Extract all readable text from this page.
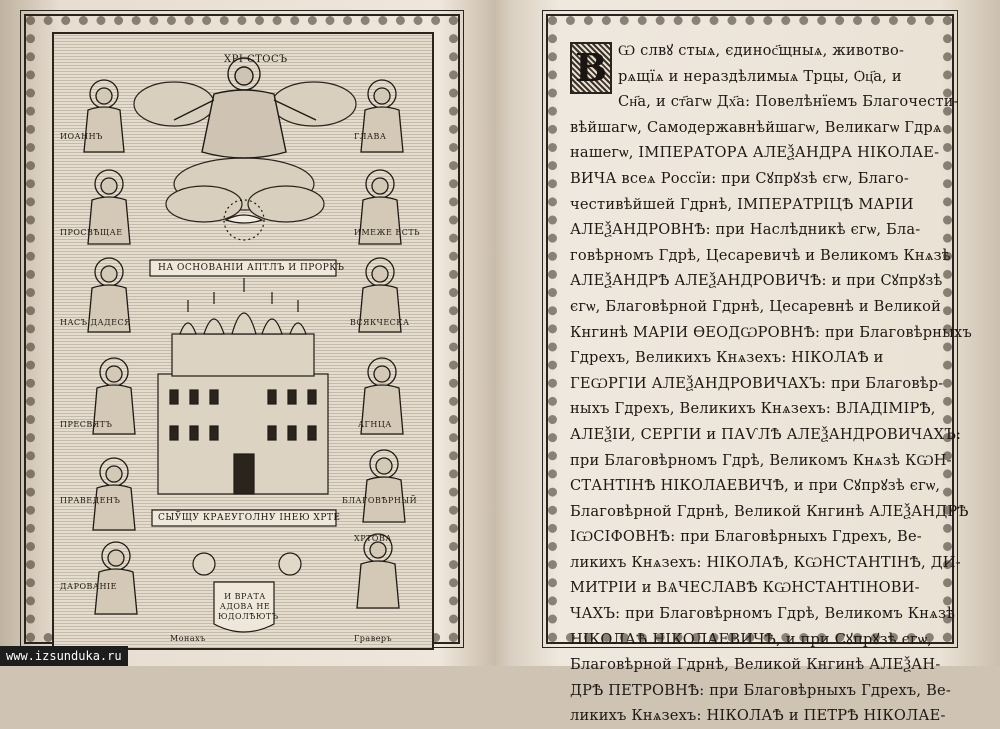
ХРІ СТОСЪ
НА ОСНОВАНІИ АПТЛЪ И ПРОРКЪ
СЫЎЩУ КРАЕУГОЛНУ ІНЕЮ ХРТЕ
И ВРАТА АДОВА НЕ ЮДОЛѢЮТЪ
Монахъ	Граверъ
ИОАННЪ	ГЛАВА
ПРОСВѢЩАЕ	ИМЕЖЕ ЕСТЬ
НАСЪ ДАДЕСЯ	ВСЯКЧЕСКА
ПРЕСВЯТЪ	АГНЦА
ПРАВЕДЕНЪ	БЛАГОВѢРНЫЙ
ДАРОВАНІЕ
ХРТОВА
В Ѡ слвꙋ стыѧ, єдинос҃щныѧ, животво-
рѧщїѧ и нераздѣлимыѧ Трцы, Ѻц҃а, и
Сн҃а, и ст҃агѡ Дх҃а: Повелѣнїемъ Благочести-
вѣйшагѡ, Самодержавнѣйшагѡ, Великагѡ Гдрѧ
нашегѡ, ІМПЕРАТОРА АЛЕѮАНДРА НІКОЛАЕ-
ВИЧА всеѧ Россїи: при Сꙋпрꙋзѣ єгѡ, Благо-
честивѣйшей Гдрнѣ, ІМПЕРАТРІЦѢ МАРІИ
АЛЕѮАНДРОВНѢ: при Наслѣдникѣ єгѡ, Бла-
говѣрномъ Гдрѣ, Цесаревичѣ и Великомъ Кнѧзѣ
АЛЕѮАНДРѢ АЛЕѮАНДРОВИЧѢ: и при Сꙋпрꙋзѣ
єгѡ, Благовѣрной Гдрнѣ, Цесаревнѣ и Великой
Кнгинѣ МАРІИ ѲЕОДѠРОВНѢ: при Благовѣрныхъ
Гдрехъ, Великихъ Кнѧзехъ: НІКОЛАѢ и
ГЕѠРГІИ АЛЕѮАНДРОВИЧАХЪ: при Благовѣр-
ныхъ Гдрехъ, Великихъ Кнѧзехъ: ВЛАДІМІРѢ,
АЛЕѮІИ, СЕРГІИ и ПАѴЛѢ АЛЕѮАНДРОВИЧАХЪ:
при Благовѣрномъ Гдрѣ, Великомъ Кнѧзѣ КѠН-
СТАНТІНѢ НІКОЛАЕВИЧѢ, и при Сꙋпрꙋзѣ єгѡ,
Благовѣрной Гдрнѣ, Великой Кнгинѣ АЛЕѮАНДРѢ
ІѠСІФОВНѢ: при Благовѣрныхъ Гдрехъ, Ве-
ликихъ Кнѧзехъ: НІКОЛАѢ, КѠНСТАНТІНѢ, ДИ-
МИТРІИ и ВѦЧЕСЛАВѢ КѠНСТАНТІНОВИ-
ЧАХЪ: при Благовѣрномъ Гдрѣ, Великомъ Кнѧзѣ
НІКОЛАѢ НІКОЛАЕВИЧѢ, и при Сꙋпрꙋзѣ єгѡ,
Благовѣрной Гдрнѣ, Великой Кнгинѣ АЛЕѮАН-
ДРѢ ПЕТРОВНѢ: при Благовѣрныхъ Гдрехъ, Ве-
ликихъ Кнѧзехъ: НІКОЛАѢ и ПЕТРѢ НІКОЛАЕ-
www.izsunduka.ru
